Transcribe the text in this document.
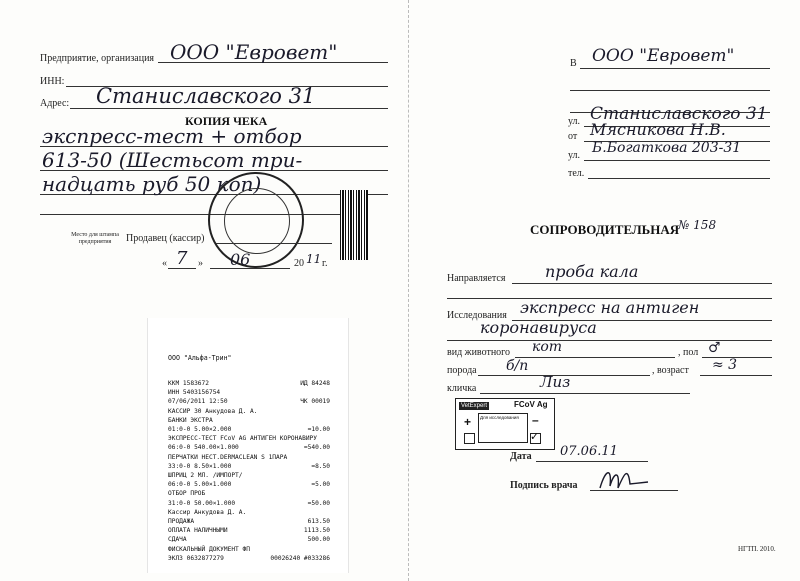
Предприятие, организация ООО "Евровет"
ИНН:
Адрес: Станиславского 31
КОПИЯ ЧЕКА
экспресс-тест + отбор
613-50 (Шестьсот три-
надцать руб 50 коп)
Место для штампа предприятия	Продавец (кассир)
« 7 » 06	20 11 г.
ООО "Альфа-Трин"
ККМ 1583672	ИД 84248
ИНН 5403156754
07/06/2011 12:50	ЧК 00019
КАССИР 30 Анкудова Д. А.
БАНКИ ЭКСТРА
01:0-0 5.00×2.000	=10.00
ЭКСПРЕСС-ТЕСТ FCoV AG АНТИГЕН КОРОНАВИРУ
06:0-0 540.00×1.000	=540.00
ПЕРЧАТКИ НЕСТ.DERMACLEAN S 1ПАРА
33:0-0 8.50×1.000	=8.50
ШПРИЦ 2 МЛ. /ИМПОРТ/
06:0-0 5.00×1.000	=5.00
ОТБОР ПРОБ
31:0-0 50.00×1.000	=50.00
Кассир Анкудова Д. А.
ПРОДАЖА	613.50
ОПЛАТА НАЛИЧНЫМИ	1113.50
СДАЧА	500.00
ФИСКАЛЬНЫЙ ДОКУМЕНТ ФП
ЭКЛЗ 0632877279	00026240 #033286
В ООО "Евровет"
ул. Станиславского 31
от Мясникова Н.В.
ул. Б.Богаткова 203-31
тел.
СОПРОВОДИТЕЛЬНАЯ
№ 158
Направляется проба кала
Исследования экспресс на антиген
коронавируса
вид животного кот	, пол ♂
порода б/п	, возраст ≈ 3
кличка	Лиз
VetExpert	FCoV Ag
Для исследования
+	–
✓
Дата 07.06.11
Подпись врача
НГТП. 2010.
